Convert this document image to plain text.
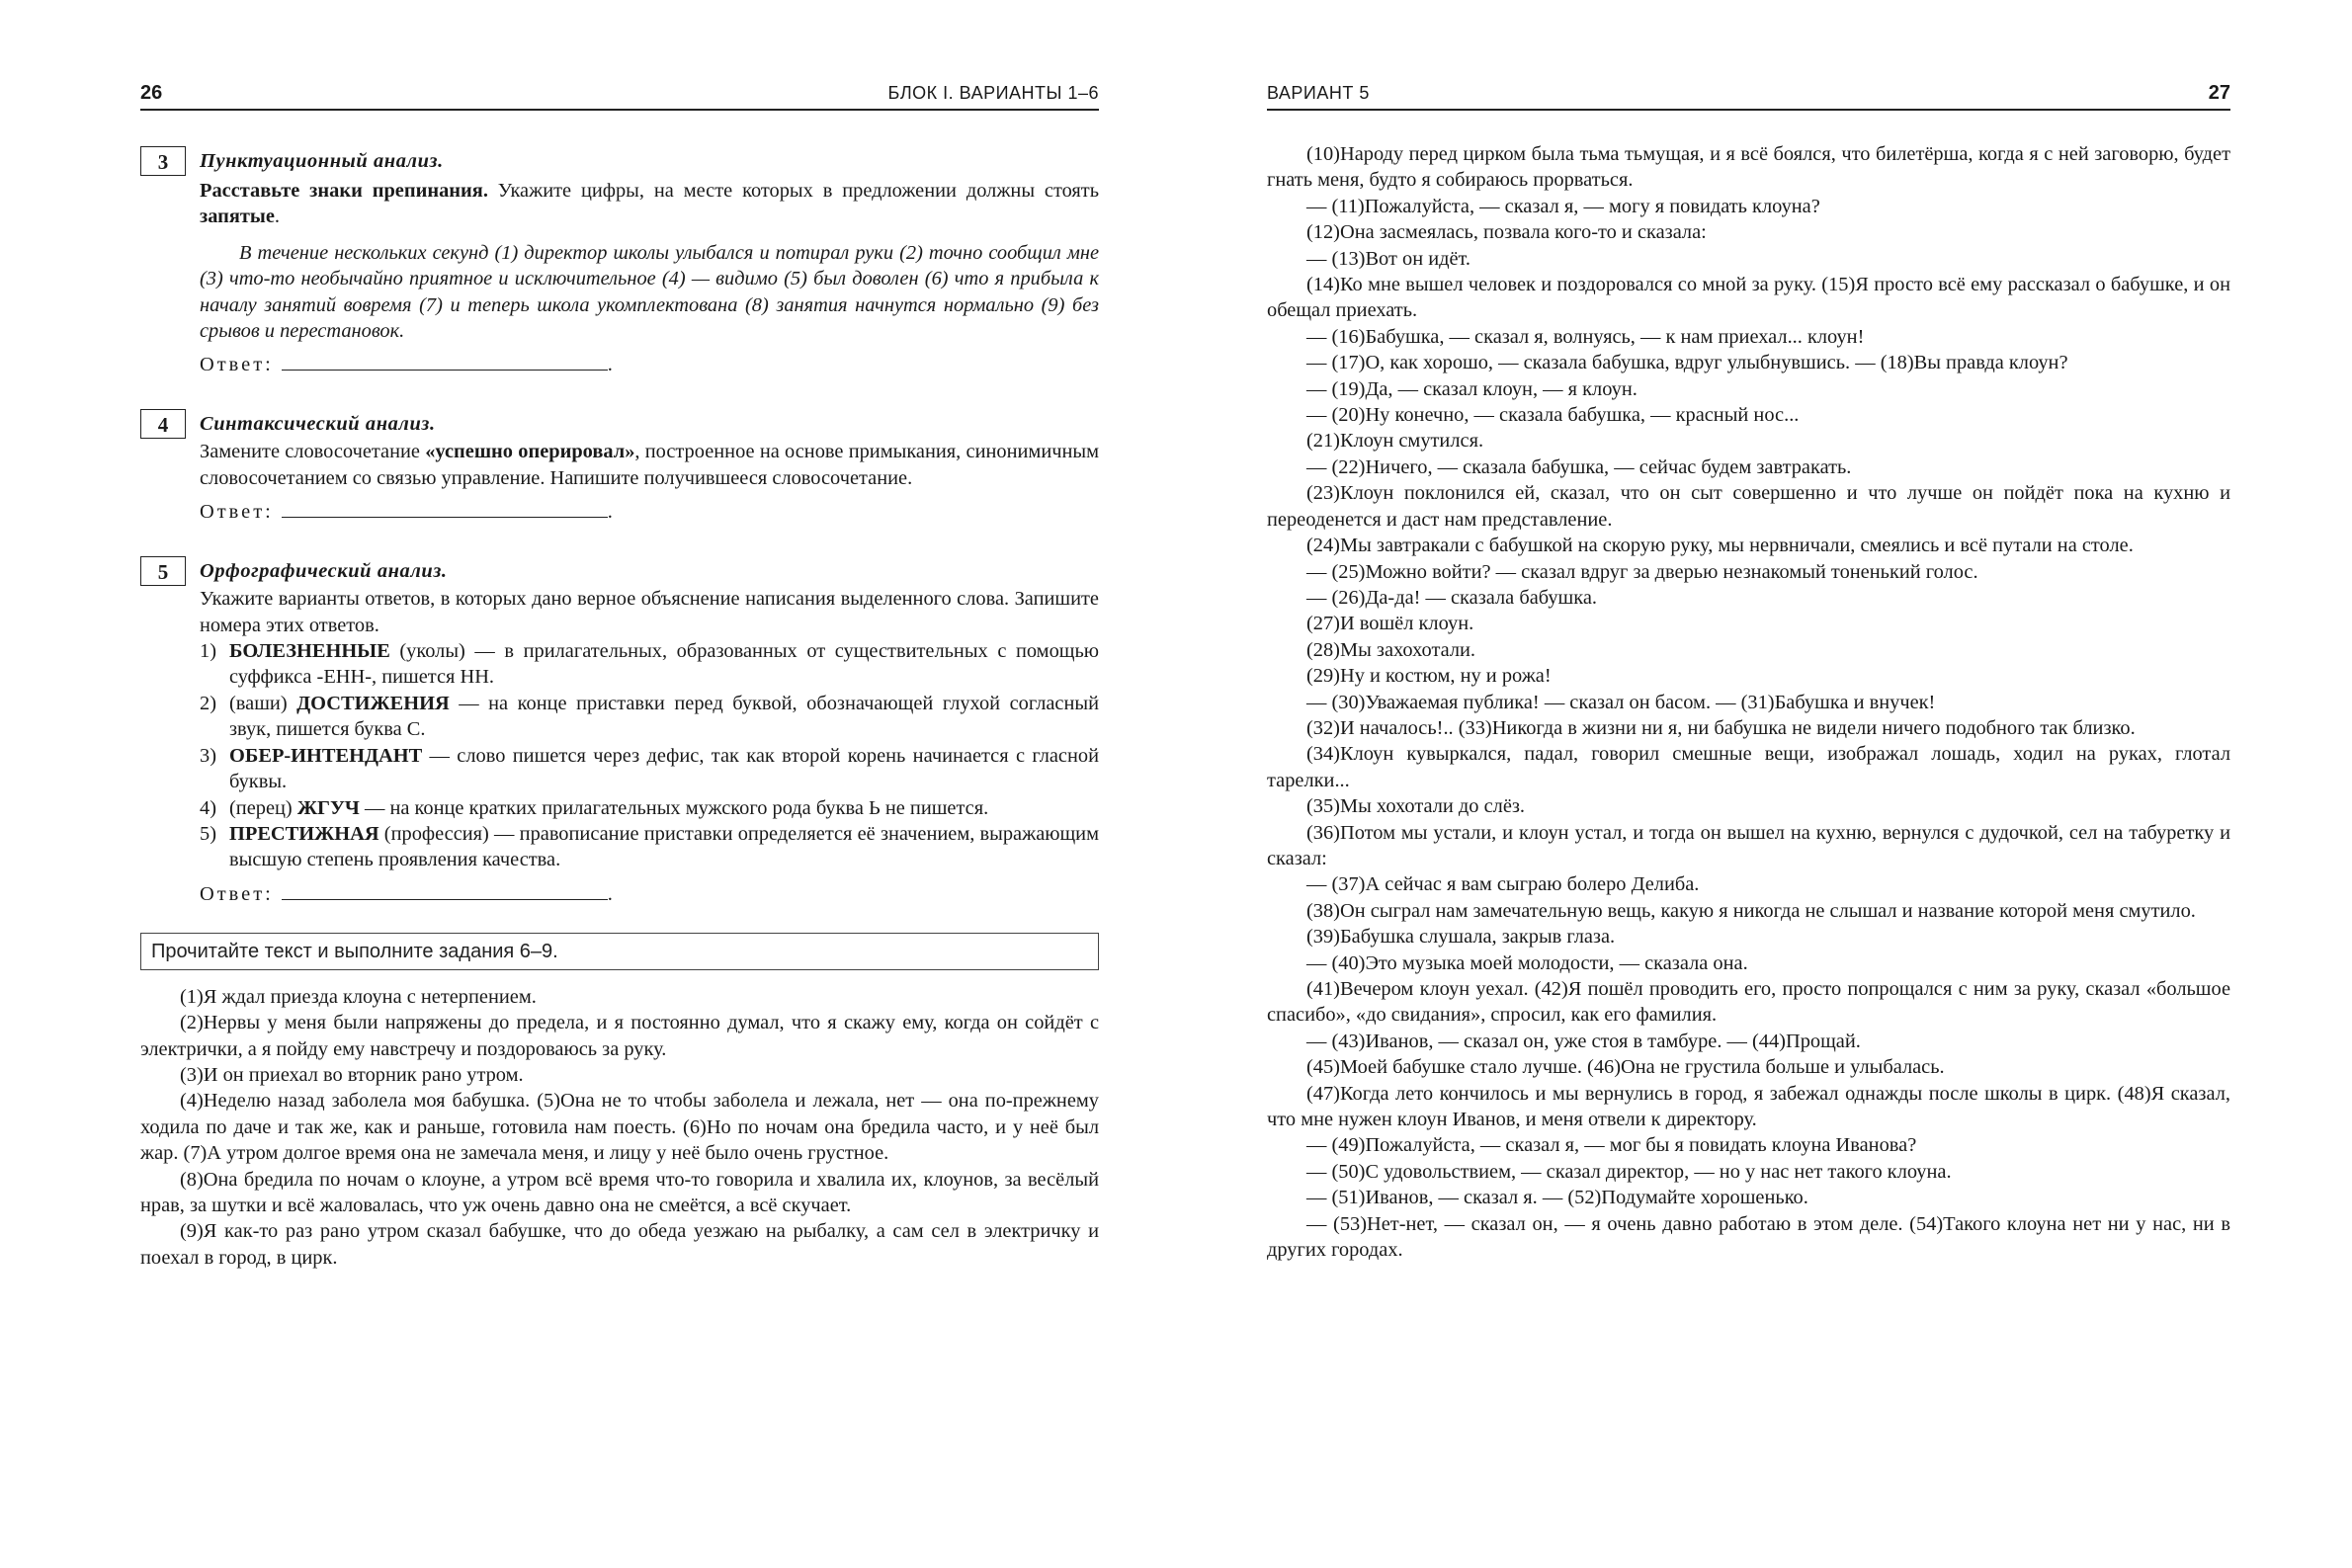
26	БЛОК I. ВАРИАНТЫ 1–6
3	Пунктуационный анализ.

Расставьте знаки препинания. Укажите цифры, на месте которых в предложении должны стоять запятые.

В течение нескольких секунд (1) директор школы улыбался и потирал руки (2) точно сообщил мне (3) что-то необычайно приятное и исключительное (4) — видимо (5) был доволен (6) что я прибыла к началу занятий вовремя (7) и теперь школа укомплектована (8) занятия начнутся нормально (9) без срывов и перестановок.

Ответ:	.
4	Синтаксический анализ.

Замените словосочетание «успешно оперировал», построенное на основе примыкания, синонимичным словосочетанием со связью управление. Напишите получившееся словосочетание.

Ответ:	.
5	Орфографический анализ.

Укажите варианты ответов, в которых дано верное объяснение написания выделенного слова. Запишите номера этих ответов.

1) БОЛЕЗНЕННЫЕ (уколы) — в прилагательных, образованных от существительных с помощью суффикса -ЕНН-, пишется НН.
2) (ваши) ДОСТИЖЕНИЯ — на конце приставки перед буквой, обозначающей глухой согласный звук, пишется буква С.
3) ОБЕР-ИНТЕНДАНТ — слово пишется через дефис, так как второй корень начинается с гласной буквы.
4) (перец) ЖГУЧ — на конце кратких прилагательных мужского рода буква Ь не пишется.
5) ПРЕСТИЖНАЯ (профессия) — правописание приставки определяется её значением, выражающим высшую степень проявления качества.
Ответ:	.
Прочитайте текст и выполните задания 6–9.

(1)Я ждал приезда клоуна с нетерпением.

(2)Нервы у меня были напряжены до предела, и я постоянно думал, что я скажу ему, когда он сойдёт с электрички, а я пойду ему навстречу и поздороваюсь за руку.

(3)И он приехал во вторник рано утром.

(4)Неделю назад заболела моя бабушка. (5)Она не то чтобы заболела и лежала, нет — она по-прежнему ходила по даче и так же, как и раньше, готовила нам поесть. (6)Но по ночам она бредила часто, и у неё был жар. (7)А утром долгое время она не замечала меня, и лицу у неё было очень грустное.

(8)Она бредила по ночам о клоуне, а утром всё время что-то говорила и хвалила их, клоунов, за весёлый нрав, за шутки и всё жаловалась, что уж очень давно она не смеётся, а всё скучает.

(9)Я как-то раз рано утром сказал бабушке, что до обеда уезжаю на рыбалку, а сам сел в электричку и поехал в город, в цирк.

ВАРИАНТ 5	27

(10)Народу перед цирком была тьма тьмущая, и я всё боялся, что билетёрша, когда я с ней заговорю, будет гнать меня, будто я собираюсь прорваться.

— (11)Пожалуйста, — сказал я, — могу я повидать клоуна?

(12)Она засмеялась, позвала кого-то и сказала:

— (13)Вот он идёт.

(14)Ко мне вышел человек и поздоровался со мной за руку. (15)Я просто всё ему рассказал о бабушке, и он обещал приехать.

— (16)Бабушка, — сказал я, волнуясь, — к нам приехал... клоун!

— (17)О, как хорошо, — сказала бабушка, вдруг улыбнувшись. — (18)Вы правда клоун?

— (19)Да, — сказал клоун, — я клоун.

— (20)Ну конечно, — сказала бабушка, — красный нос...

(21)Клоун смутился.

— (22)Ничего, — сказала бабушка, — сейчас будем завтракать.

(23)Клоун поклонился ей, сказал, что он сыт совершенно и что лучше он пойдёт пока на кухню и переоденется и даст нам представление.

(24)Мы завтракали с бабушкой на скорую руку, мы нервничали, смеялись и всё путали на столе.

— (25)Можно войти? — сказал вдруг за дверью незнакомый тоненький голос.

— (26)Да-да! — сказала бабушка.

(27)И вошёл клоун.

(28)Мы захохотали.

(29)Ну и костюм, ну и рожа!

— (30)Уважаемая публика! — сказал он басом. — (31)Бабушка и внучек!

(32)И началось!.. (33)Никогда в жизни ни я, ни бабушка не видели ничего подобного так близко.

(34)Клоун кувыркался, падал, говорил смешные вещи, изображал лошадь, ходил на руках, глотал тарелки...

(35)Мы хохотали до слёз.

(36)Потом мы устали, и клоун устал, и тогда он вышел на кухню, вернулся с дудочкой, сел на табуретку и сказал:

— (37)А сейчас я вам сыграю болеро Делиба.

(38)Он сыграл нам замечательную вещь, какую я никогда не слышал и название которой меня смутило.

(39)Бабушка слушала, закрыв глаза.

— (40)Это музыка моей молодости, — сказала она.

(41)Вечером клоун уехал. (42)Я пошёл проводить его, просто попрощался с ним за руку, сказал «большое спасибо», «до свидания», спросил, как его фамилия.

— (43)Иванов, — сказал он, уже стоя в тамбуре. — (44)Прощай.

(45)Моей бабушке стало лучше. (46)Она не грустила больше и улыбалась.

(47)Когда лето кончилось и мы вернулись в город, я забежал однажды после школы в цирк. (48)Я сказал, что мне нужен клоун Иванов, и меня отвели к директору.

— (49)Пожалуйста, — сказал я, — мог бы я повидать клоуна Иванова?

— (50)С удовольствием, — сказал директор, — но у нас нет такого клоуна.

— (51)Иванов, — сказал я. — (52)Подумайте хорошенько.

— (53)Нет-нет, — сказал он, — я очень давно работаю в этом деле. (54)Такого клоуна нет ни у нас, ни в других городах.
